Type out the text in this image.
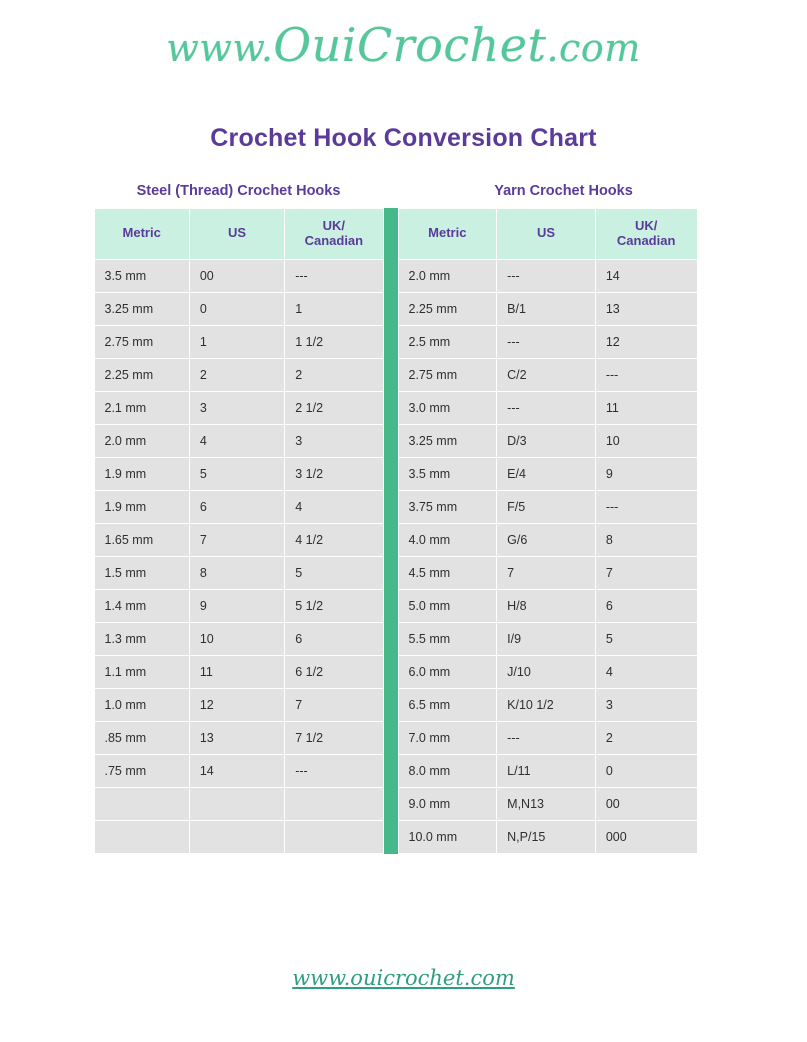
www.OuiCrochet.com
Crochet Hook Conversion Chart
Steel (Thread) Crochet Hooks	Yarn Crochet Hooks
Metric	US	UK/
Canadian
3.5 mm	00	---
3.25 mm	0	1
2.75 mm	1	1 1/2
2.25 mm	2	2
2.1 mm	3	2 1/2
2.0 mm	4	3
1.9 mm	5	3 1/2
1.9 mm	6	4
1.65 mm	7	4 1/2
1.5 mm	8	5
1.4 mm	9	5 1/2
1.3 mm	10	6
1.1 mm	11	6 1/2
1.0 mm	12	7
.85 mm	13	7 1/2
.75 mm	14	---

Metric	US	UK/
Canadian
2.0 mm	---	14
2.25 mm	B/1	13
2.5 mm	---	12
2.75 mm	C/2	---
3.0 mm	---	11
3.25 mm	D/3	10
3.5 mm	E/4	9
3.75 mm	F/5	---
4.0 mm	G/6	8
4.5 mm	7	7
5.0 mm	H/8	6
5.5 mm	I/9	5
6.0 mm	J/10	4
6.5 mm	K/10 1/2	3
7.0 mm	---	2
8.0 mm	L/11	0
9.0 mm	M,N13	00
10.0 mm	N,P/15	000
www.ouicrochet.com
